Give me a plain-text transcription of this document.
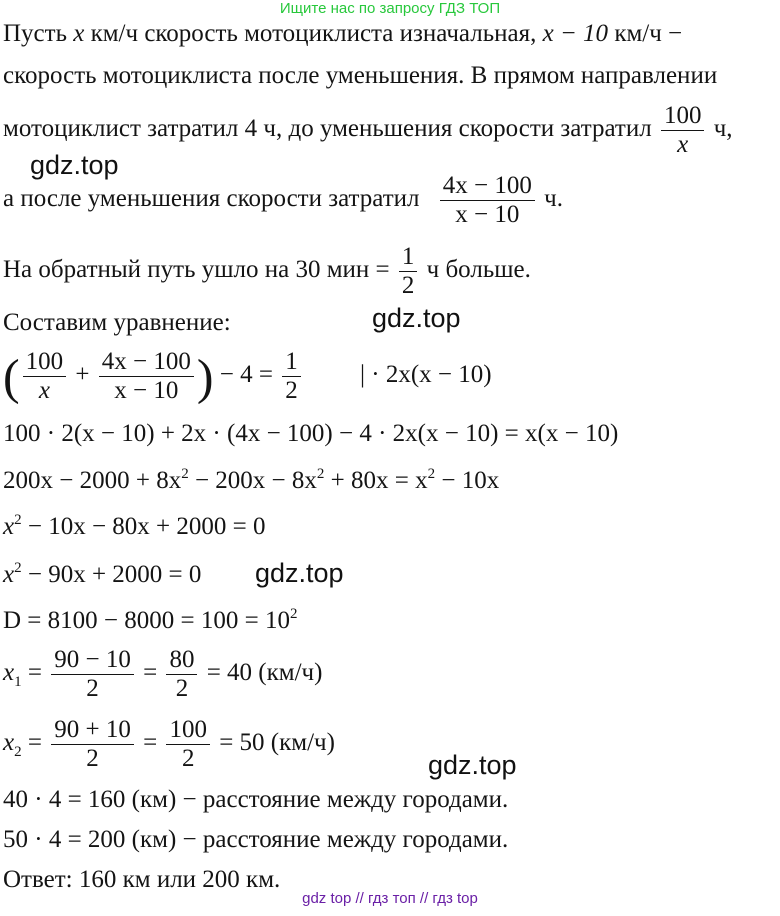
Ищите нас по запросу ГДЗ ТОП
Пусть x км/ч скорость мотоциклиста изначальная, x − 10 км/ч −
скорость мотоциклиста после уменьшения. В прямом направлении
мотоциклист затратил 4 ч, до уменьшения скорости затратил $\frac{100}{x} ч$,
gdz.top
а после уменьшения скорости затратил $\frac{4x - 100}{x - 10} ч$.
На обратный путь ушло на 30 мин = $\frac{1}{2}$ ч больше.
Составим уравнение:	gdz.top
( $\frac{100}{x} + \frac{4x - 100}{x - 10}$ ) − $4 = \frac{1}{2}$ | · 2x(x − 10)
100 · 2(x − 10) + 2x · (4x − 100) − 4 · 2x(x − 10) = x(x − 10)
$200x - 2000 + 8x^2 - 200x - 8x^2 + 80x = x^2 - 10x$
$x^2 - 10x - 80x + 2000 = 0$
$x^2 - 90x + 2000 = 0$ gdz.top
$D = 8100 - 8000 = 100 = 10^2$
$x_1 = \frac{90 - 10}{2} = \frac{80}{2} = 40$ (км/ч)
$x_2 = \frac{90 + 10}{2} = \frac{100}{2} = 50$ (км/ч)
gdz.top
40 · 4 = 160 (км) − расстояние между городами.
50 · 4 = 200 (км) − расстояние между городами.
Ответ: 160 км или 200 км.
gdz top // гдз топ // гдз top
